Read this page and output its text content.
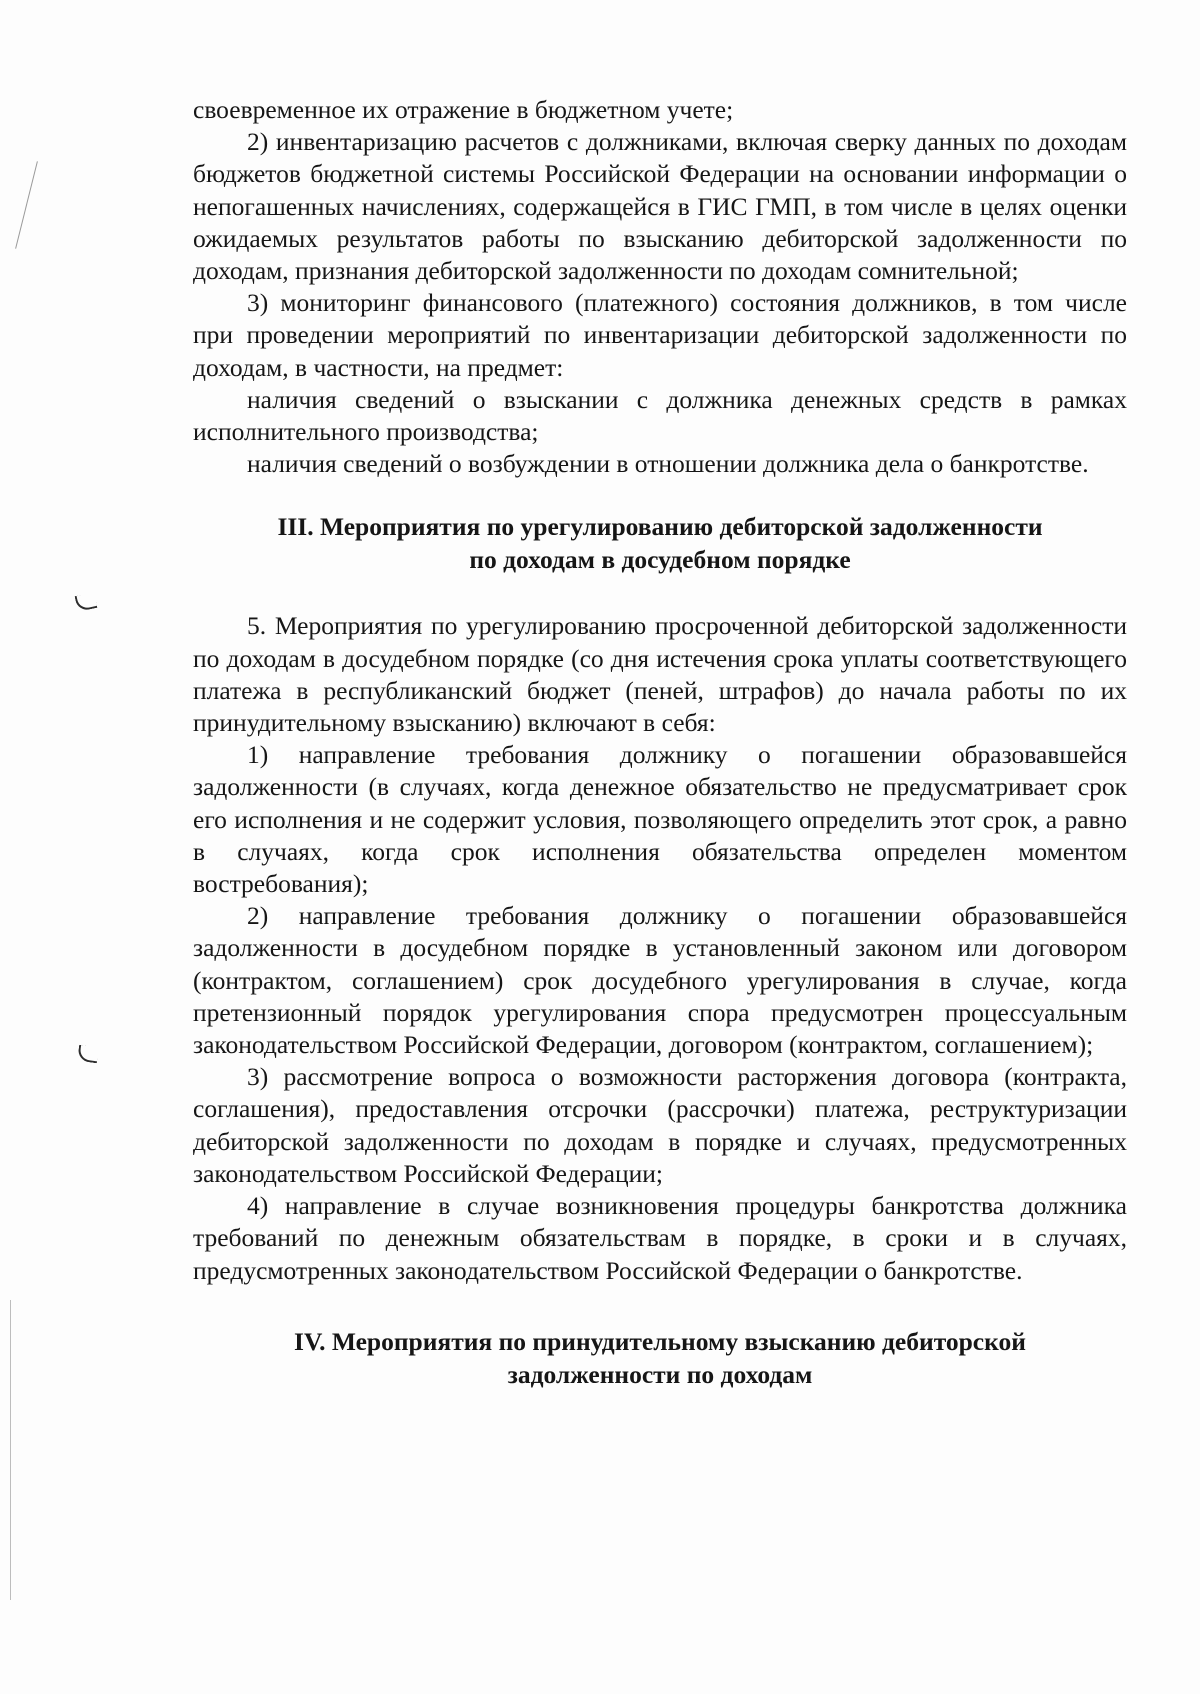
своевременное их отражение в бюджетном учете;

2) инвентаризацию расчетов с должниками, включая сверку данных по доходам бюджетов бюджетной системы Российской Федерации на основании информации о непогашенных начислениях, содержащейся в ГИС ГМП, в том числе в целях оценки ожидаемых результатов работы по взысканию дебиторской задолженности по доходам, признания дебиторской задолженности по доходам сомнительной;

3) мониторинг финансового (платежного) состояния должников, в том числе при проведении мероприятий по инвентаризации дебиторской задолженности по доходам, в частности, на предмет:

наличия сведений о взыскании с должника денежных средств в рамках исполнительного производства;

наличия сведений о возбуждении в отношении должника дела о банкротстве.

III. Мероприятия по урегулированию дебиторской задолженности
по доходам в досудебном порядке

5. Мероприятия по урегулированию просроченной дебиторской задолженности по доходам в досудебном порядке (со дня истечения срока уплаты соответствующего платежа в республиканский бюджет (пеней, штрафов) до начала работы по их принудительному взысканию) включают в себя:

1) направление требования должнику о погашении образовавшейся задолженности (в случаях, когда денежное обязательство не предусматривает срок его исполнения и не содержит условия, позволяющего определить этот срок, а равно в случаях, когда срок исполнения обязательства определен моментом востребования);

2) направление требования должнику о погашении образовавшейся задолженности в досудебном порядке в установленный законом или договором (контрактом, соглашением) срок досудебного урегулирования в случае, когда претензионный порядок урегулирования спора предусмотрен процессуальным законодательством Российской Федерации, договором (контрактом, соглашением);

3) рассмотрение вопроса о возможности расторжения договора (контракта, соглашения), предоставления отсрочки (рассрочки) платежа, реструктуризации дебиторской задолженности по доходам в порядке и случаях, предусмотренных законодательством Российской Федерации;

4) направление в случае возникновения процедуры банкротства должника требований по денежным обязательствам в порядке, в сроки и в случаях, предусмотренных законодательством Российской Федерации о банкротстве.

IV. Мероприятия по принудительному взысканию дебиторской
задолженности по доходам
